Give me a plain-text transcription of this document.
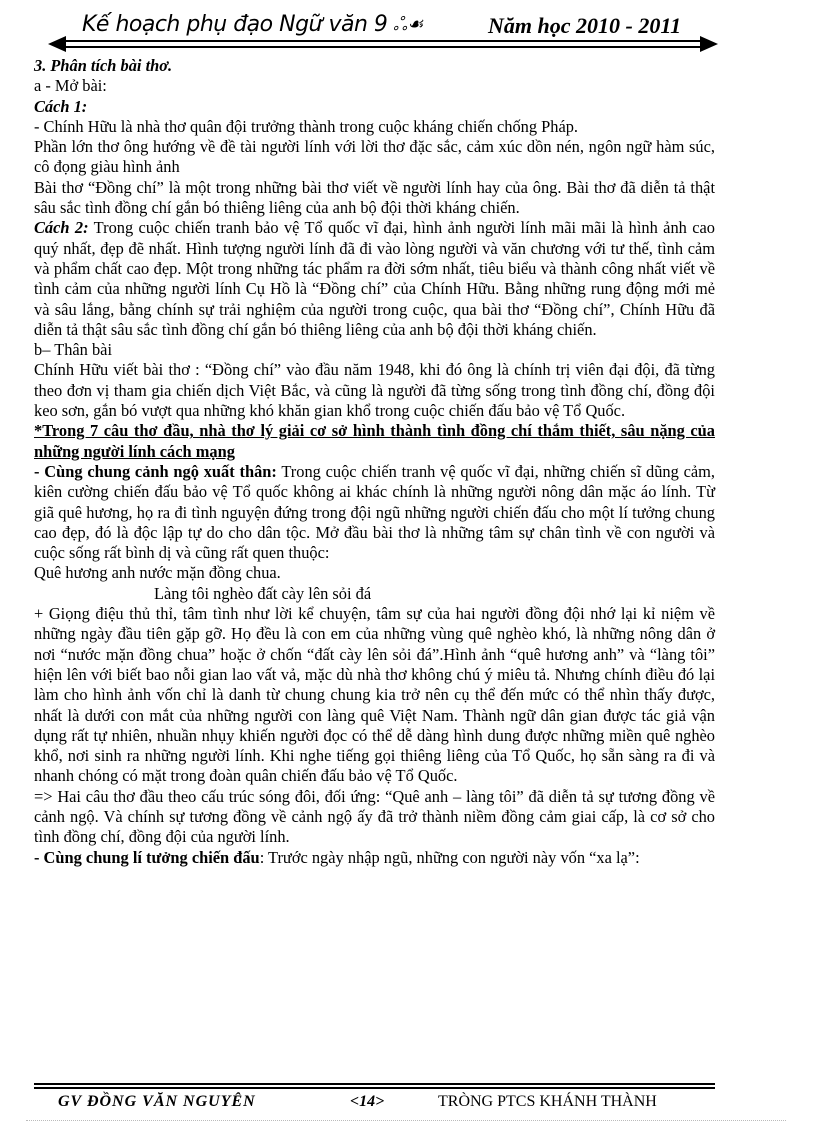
Kế hoạch phụ đạo Ngữ văn 9 ஃ☙	Năm học 2010 - 2011

3. Phân tích bài thơ.

a - Mở bài:

Cách 1:

- Chính Hữu là nhà thơ quân đội trưởng thành trong cuộc kháng chiến chống Pháp.

Phần lớn thơ ông hướng về đề tài người lính với lời thơ đặc sắc, cảm xúc dồn nén, ngôn ngữ hàm súc, cô đọng giàu hình ảnh

Bài thơ “Đồng chí” là một trong những bài thơ viết về người lính hay của ông. Bài thơ đã diễn tả thật sâu sắc tình đồng chí gắn bó thiêng liêng của anh bộ đội thời kháng chiến.

Cách 2: Trong cuộc chiến tranh bảo vệ Tổ quốc vĩ đại, hình ảnh người lính mãi mãi là hình ảnh cao quý nhất, đẹp đẽ nhất. Hình tượng người lính đã đi vào lòng người và văn chương với tư thế, tình cảm và phẩm chất cao đẹp. Một trong những tác phẩm ra đời sớm nhất, tiêu biểu và thành công nhất viết về tình cảm của những người lính Cụ Hồ là “Đồng chí” của Chính Hữu. Bằng những rung động mới mẻ và sâu lắng, bằng chính sự trải nghiệm của người trong cuộc, qua bài thơ “Đồng chí”, Chính Hữu đã diễn tả thật sâu sắc tình đồng chí gắn bó thiêng liêng của anh bộ đội thời kháng chiến.

b– Thân bài

Chính Hữu viết bài thơ : “Đồng chí” vào đầu năm 1948, khi đó ông là chính trị viên đại đội, đã từng theo đơn vị tham gia chiến dịch Việt Bắc, và cũng là người đã từng sống trong tình đồng chí, đồng đội keo sơn, gắn bó vượt qua những khó khăn gian khổ trong cuộc chiến đấu bảo vệ Tổ Quốc.

*Trong 7 câu thơ đầu, nhà thơ lý giải cơ sở hình thành tình đồng chí thắm thiết, sâu nặng của những người lính cách mạng

- Cùng chung cảnh ngộ xuất thân: Trong cuộc chiến tranh vệ quốc vĩ đại, những chiến sĩ dũng cảm, kiên cường chiến đấu bảo vệ Tổ quốc không ai khác chính là những người nông dân mặc áo lính. Từ giã quê hương, họ ra đi tình nguyện đứng trong đội ngũ những người chiến đấu cho một lí tưởng chung cao đẹp, đó là độc lập tự do cho dân tộc. Mở đầu bài thơ là những tâm sự chân tình về con người và cuộc sống rất bình dị và cũng rất quen thuộc:

Quê hương anh nước mặn đồng chua.

Làng tôi nghèo đất cày lên sỏi đá

+ Giọng điệu thủ thỉ, tâm tình như lời kể chuyện, tâm sự của hai người đồng đội nhớ lại kỉ niệm về những ngày đầu tiên gặp gỡ. Họ đều là con em của những vùng quê nghèo khó, là những nông dân ở nơi “nước mặn đồng chua” hoặc ở chốn “đất cày lên sỏi đá”.Hình ảnh “quê hương anh” và “làng tôi” hiện lên với biết bao nỗi gian lao vất vả, mặc dù nhà thơ không chú ý miêu tả. Nhưng chính điều đó lại làm cho hình ảnh vốn chỉ là danh từ chung chung kia trở nên cụ thể đến mức có thể nhìn thấy được, nhất là dưới con mắt của những người con làng quê Việt Nam. Thành ngữ dân gian được tác giả vận dụng rất tự nhiên, nhuần nhụy khiến người đọc có thể dễ dàng hình dung được những miền quê nghèo khổ, nơi sinh ra những người lính. Khi nghe tiếng gọi thiêng liêng của Tổ Quốc, họ sẵn sàng ra đi và nhanh chóng có mặt trong đoàn quân chiến đấu bảo vệ Tổ Quốc.

=> Hai câu thơ đầu theo cấu trúc sóng đôi, đối ứng: “Quê anh – làng tôi” đã diễn tả sự tương đồng về cảnh ngộ. Và chính sự tương đồng về cảnh ngộ ấy đã trở thành niềm đồng cảm giai cấp, là cơ sở cho tình đồng chí, đồng đội của người lính.

- Cùng chung lí tưởng chiến đấu: Trước ngày nhập ngũ, những con người này vốn “xa lạ”:

GV ĐỒNG VĂN NGUYÊN	<14>	TRÒNG PTCS KHÁNH THÀNH
